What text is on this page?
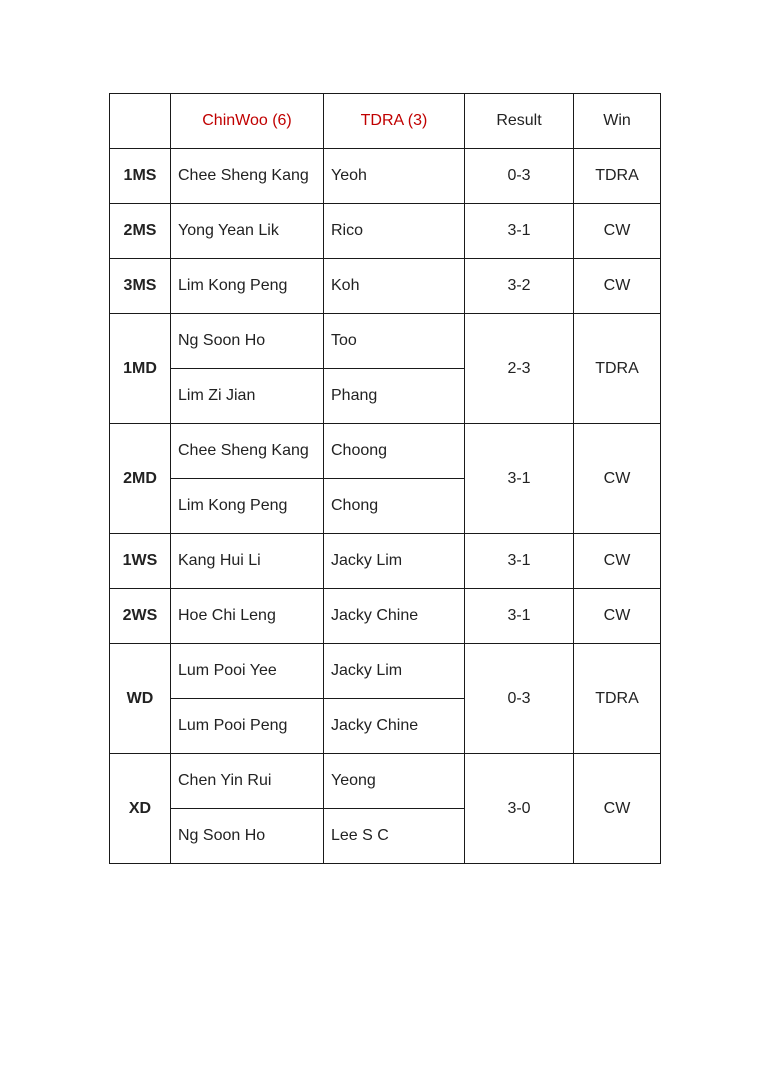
	ChinWoo (6)	TDRA (3)	Result	Win
1MS	Chee Sheng Kang	Yeoh	0-3	TDRA
2MS	Yong Yean Lik	Rico	3-1	CW
3MS	Lim Kong Peng	Koh	3-2	CW
1MD	Ng Soon Ho	Too	2-3	TDRA
	Lim Zi Jian	Phang		
2MD	Chee Sheng Kang	Choong	3-1	CW
	Lim Kong Peng	Chong		
1WS	Kang Hui Li	Jacky Lim	3-1	CW
2WS	Hoe Chi Leng	Jacky Chine	3-1	CW
WD	Lum Pooi Yee	Jacky Lim	0-3	TDRA
	Lum Pooi Peng	Jacky Chine		
XD	Chen Yin Rui	Yeong	3-0	CW
	Ng Soon Ho	Lee S C		
